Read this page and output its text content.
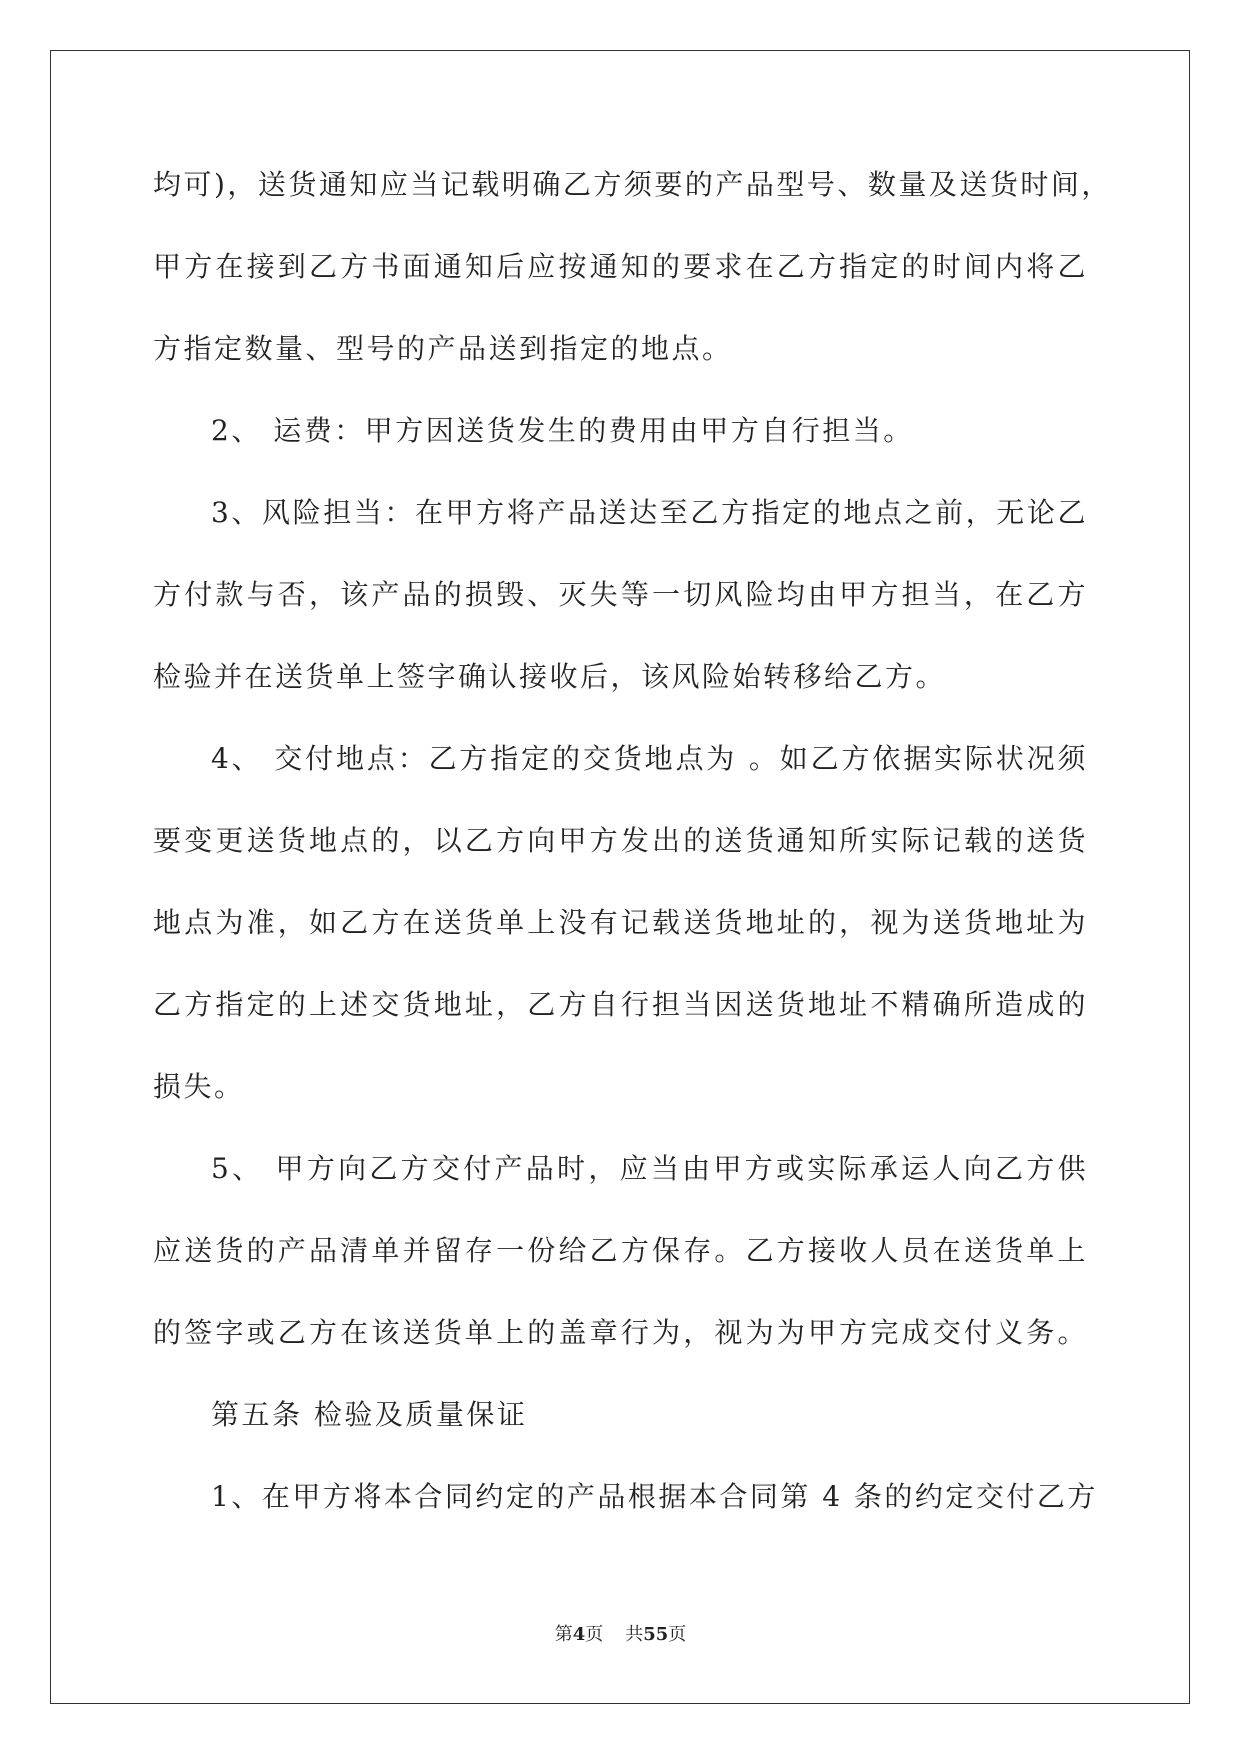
均可)，送货通知应当记载明确乙方须要的产品型号、数量及送货时间，
甲方在接到乙方书面通知后应按通知的要求在乙方指定的时间内将乙
方指定数量、型号的产品送到指定的地点。
2、 运费：甲方因送货发生的费用由甲方自行担当。
3、风险担当：在甲方将产品送达至乙方指定的地点之前，无论乙
方付款与否，该产品的损毁、灭失等一切风险均由甲方担当，在乙方
检验并在送货单上签字确认接收后，该风险始转移给乙方。
4、 交付地点：乙方指定的交货地点为 。如乙方依据实际状况须
要变更送货地点的，以乙方向甲方发出的送货通知所实际记载的送货
地点为准，如乙方在送货单上没有记载送货地址的，视为送货地址为
乙方指定的上述交货地址，乙方自行担当因送货地址不精确所造成的
损失。
5、 甲方向乙方交付产品时，应当由甲方或实际承运人向乙方供
应送货的产品清单并留存一份给乙方保存。乙方接收人员在送货单上
的签字或乙方在该送货单上的盖章行为，视为为甲方完成交付义务。
第五条 检验及质量保证
1、在甲方将本合同约定的产品根据本合同第 4 条的约定交付乙方
第4页 共55页
